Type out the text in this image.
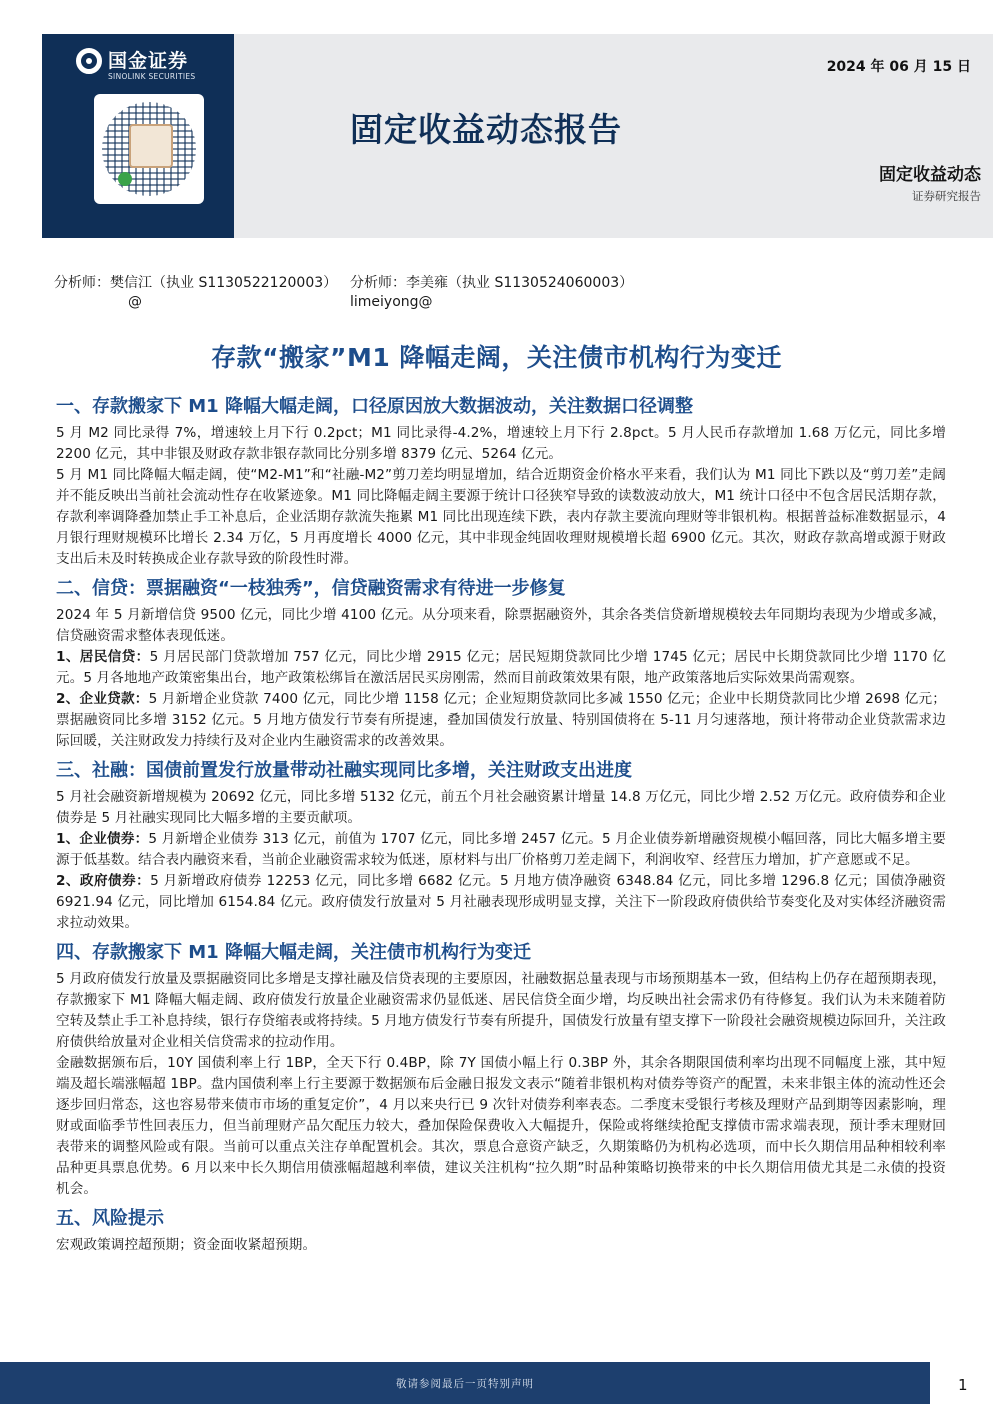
国金证券
SINOLINK SECURITIES
2024 年 06 月 15 日
固定收益动态报告
固定收益动态
证券研究报告
分析师：樊信江（执业 S1130522120003）
@
分析师：李美雍（执业 S1130524060003）
limeiyong@
存款“搬家”M1 降幅走阔，关注债市机构行为变迁
一、存款搬家下 M1 降幅大幅走阔，口径原因放大数据波动，关注数据口径调整
5 月 M2 同比录得 7%，增速较上月下行 0.2pct；M1 同比录得-4.2%，增速较上月下行 2.8pct。5 月人民币存款增加 1.68 万亿元，同比多增 2200 亿元，其中非银及财政存款非银存款同比分别多增 8379 亿元、5264 亿元。
5 月 M1 同比降幅大幅走阔，使“M2-M1”和“社融-M2”剪刀差均明显增加，结合近期资金价格水平来看，我们认为 M1 同比下跌以及“剪刀差”走阔并不能反映出当前社会流动性存在收紧迹象。M1 同比降幅走阔主要源于统计口径狭窄导致的读数波动放大，M1 统计口径中不包含居民活期存款，存款利率调降叠加禁止手工补息后，企业活期存款流失拖累 M1 同比出现连续下跌，表内存款主要流向理财等非银机构。根据普益标准数据显示，4 月银行理财规模环比增长 2.34 万亿，5 月再度增长 4000 亿元，其中非现金纯固收理财规模增长超 6900 亿元。其次，财政存款高增或源于财政支出后未及时转换成企业存款导致的阶段性时滞。
二、信贷：票据融资“一枝独秀”，信贷融资需求有待进一步修复
2024 年 5 月新增信贷 9500 亿元，同比少增 4100 亿元。从分项来看，除票据融资外，其余各类信贷新增规模较去年同期均表现为少增或多减，信贷融资需求整体表现低迷。
1、居民信贷：5 月居民部门贷款增加 757 亿元，同比少增 2915 亿元；居民短期贷款同比少增 1745 亿元；居民中长期贷款同比少增 1170 亿元。5 月各地地产政策密集出台，地产政策松绑旨在激活居民买房刚需，然而目前政策效果有限，地产政策落地后实际效果尚需观察。
2、企业贷款：5 月新增企业贷款 7400 亿元，同比少增 1158 亿元；企业短期贷款同比多减 1550 亿元；企业中长期贷款同比少增 2698 亿元；票据融资同比多增 3152 亿元。5 月地方债发行节奏有所提速，叠加国债发行放量、特别国债将在 5-11 月匀速落地，预计将带动企业贷款需求边际回暖，关注财政发力持续行及对企业内生融资需求的改善效果。
三、社融：国债前置发行放量带动社融实现同比多增，关注财政支出进度
5 月社会融资新增规模为 20692 亿元，同比多增 5132 亿元，前五个月社会融资累计增量 14.8 万亿元，同比少增 2.52 万亿元。政府债券和企业债券是 5 月社融实现同比大幅多增的主要贡献项。
1、企业债券：5 月新增企业债券 313 亿元，前值为 1707 亿元，同比多增 2457 亿元。5 月企业债券新增融资规模小幅回落，同比大幅多增主要源于低基数。结合表内融资来看，当前企业融资需求较为低迷，原材料与出厂价格剪刀差走阔下，利润收窄、经营压力增加，扩产意愿或不足。
2、政府债券：5 月新增政府债券 12253 亿元，同比多增 6682 亿元。5 月地方债净融资 6348.84 亿元，同比多增 1296.8 亿元；国债净融资 6921.94 亿元，同比增加 6154.84 亿元。政府债发行放量对 5 月社融表现形成明显支撑，关注下一阶段政府债供给节奏变化及对实体经济融资需求拉动效果。
四、存款搬家下 M1 降幅大幅走阔，关注债市机构行为变迁
5 月政府债发行放量及票据融资同比多增是支撑社融及信贷表现的主要原因，社融数据总量表现与市场预期基本一致，但结构上仍存在超预期表现，存款搬家下 M1 降幅大幅走阔、政府债发行放量企业融资需求仍显低迷、居民信贷全面少增，均反映出社会需求仍有待修复。我们认为未来随着防空转及禁止手工补息持续，银行存贷缩表或将持续。5 月地方债发行节奏有所提升，国债发行放量有望支撑下一阶段社会融资规模边际回升，关注政府债供给放量对企业相关信贷需求的拉动作用。
金融数据颁布后，10Y 国债利率上行 1BP，全天下行 0.4BP，除 7Y 国债小幅上行 0.3BP 外，其余各期限国债利率均出现不同幅度上涨，其中短端及超长端涨幅超 1BP。盘内国债利率上行主要源于数据颁布后金融日报发文表示“随着非银机构对债券等资产的配置，未来非银主体的流动性还会逐步回归常态，这也容易带来债市市场的重复定价”，4 月以来央行已 9 次针对债券利率表态。二季度末受银行考核及理财产品到期等因素影响，理财或面临季节性回表压力，但当前理财产品欠配压力较大，叠加保险保费收入大幅提升，保险或将继续抢配支撑债市需求端表现，预计季末理财回表带来的调整风险或有限。当前可以重点关注存单配置机会。其次，票息合意资产缺乏，久期策略仍为机构必选项，而中长久期信用品种相较利率品种更具票息优势。6 月以来中长久期信用债涨幅超越利率债，建议关注机构“拉久期”时品种策略切换带来的中长久期信用债尤其是二永债的投资机会。
五、风险提示
宏观政策调控超预期；资金面收紧超预期。
敬请参阅最后一页特别声明	1
